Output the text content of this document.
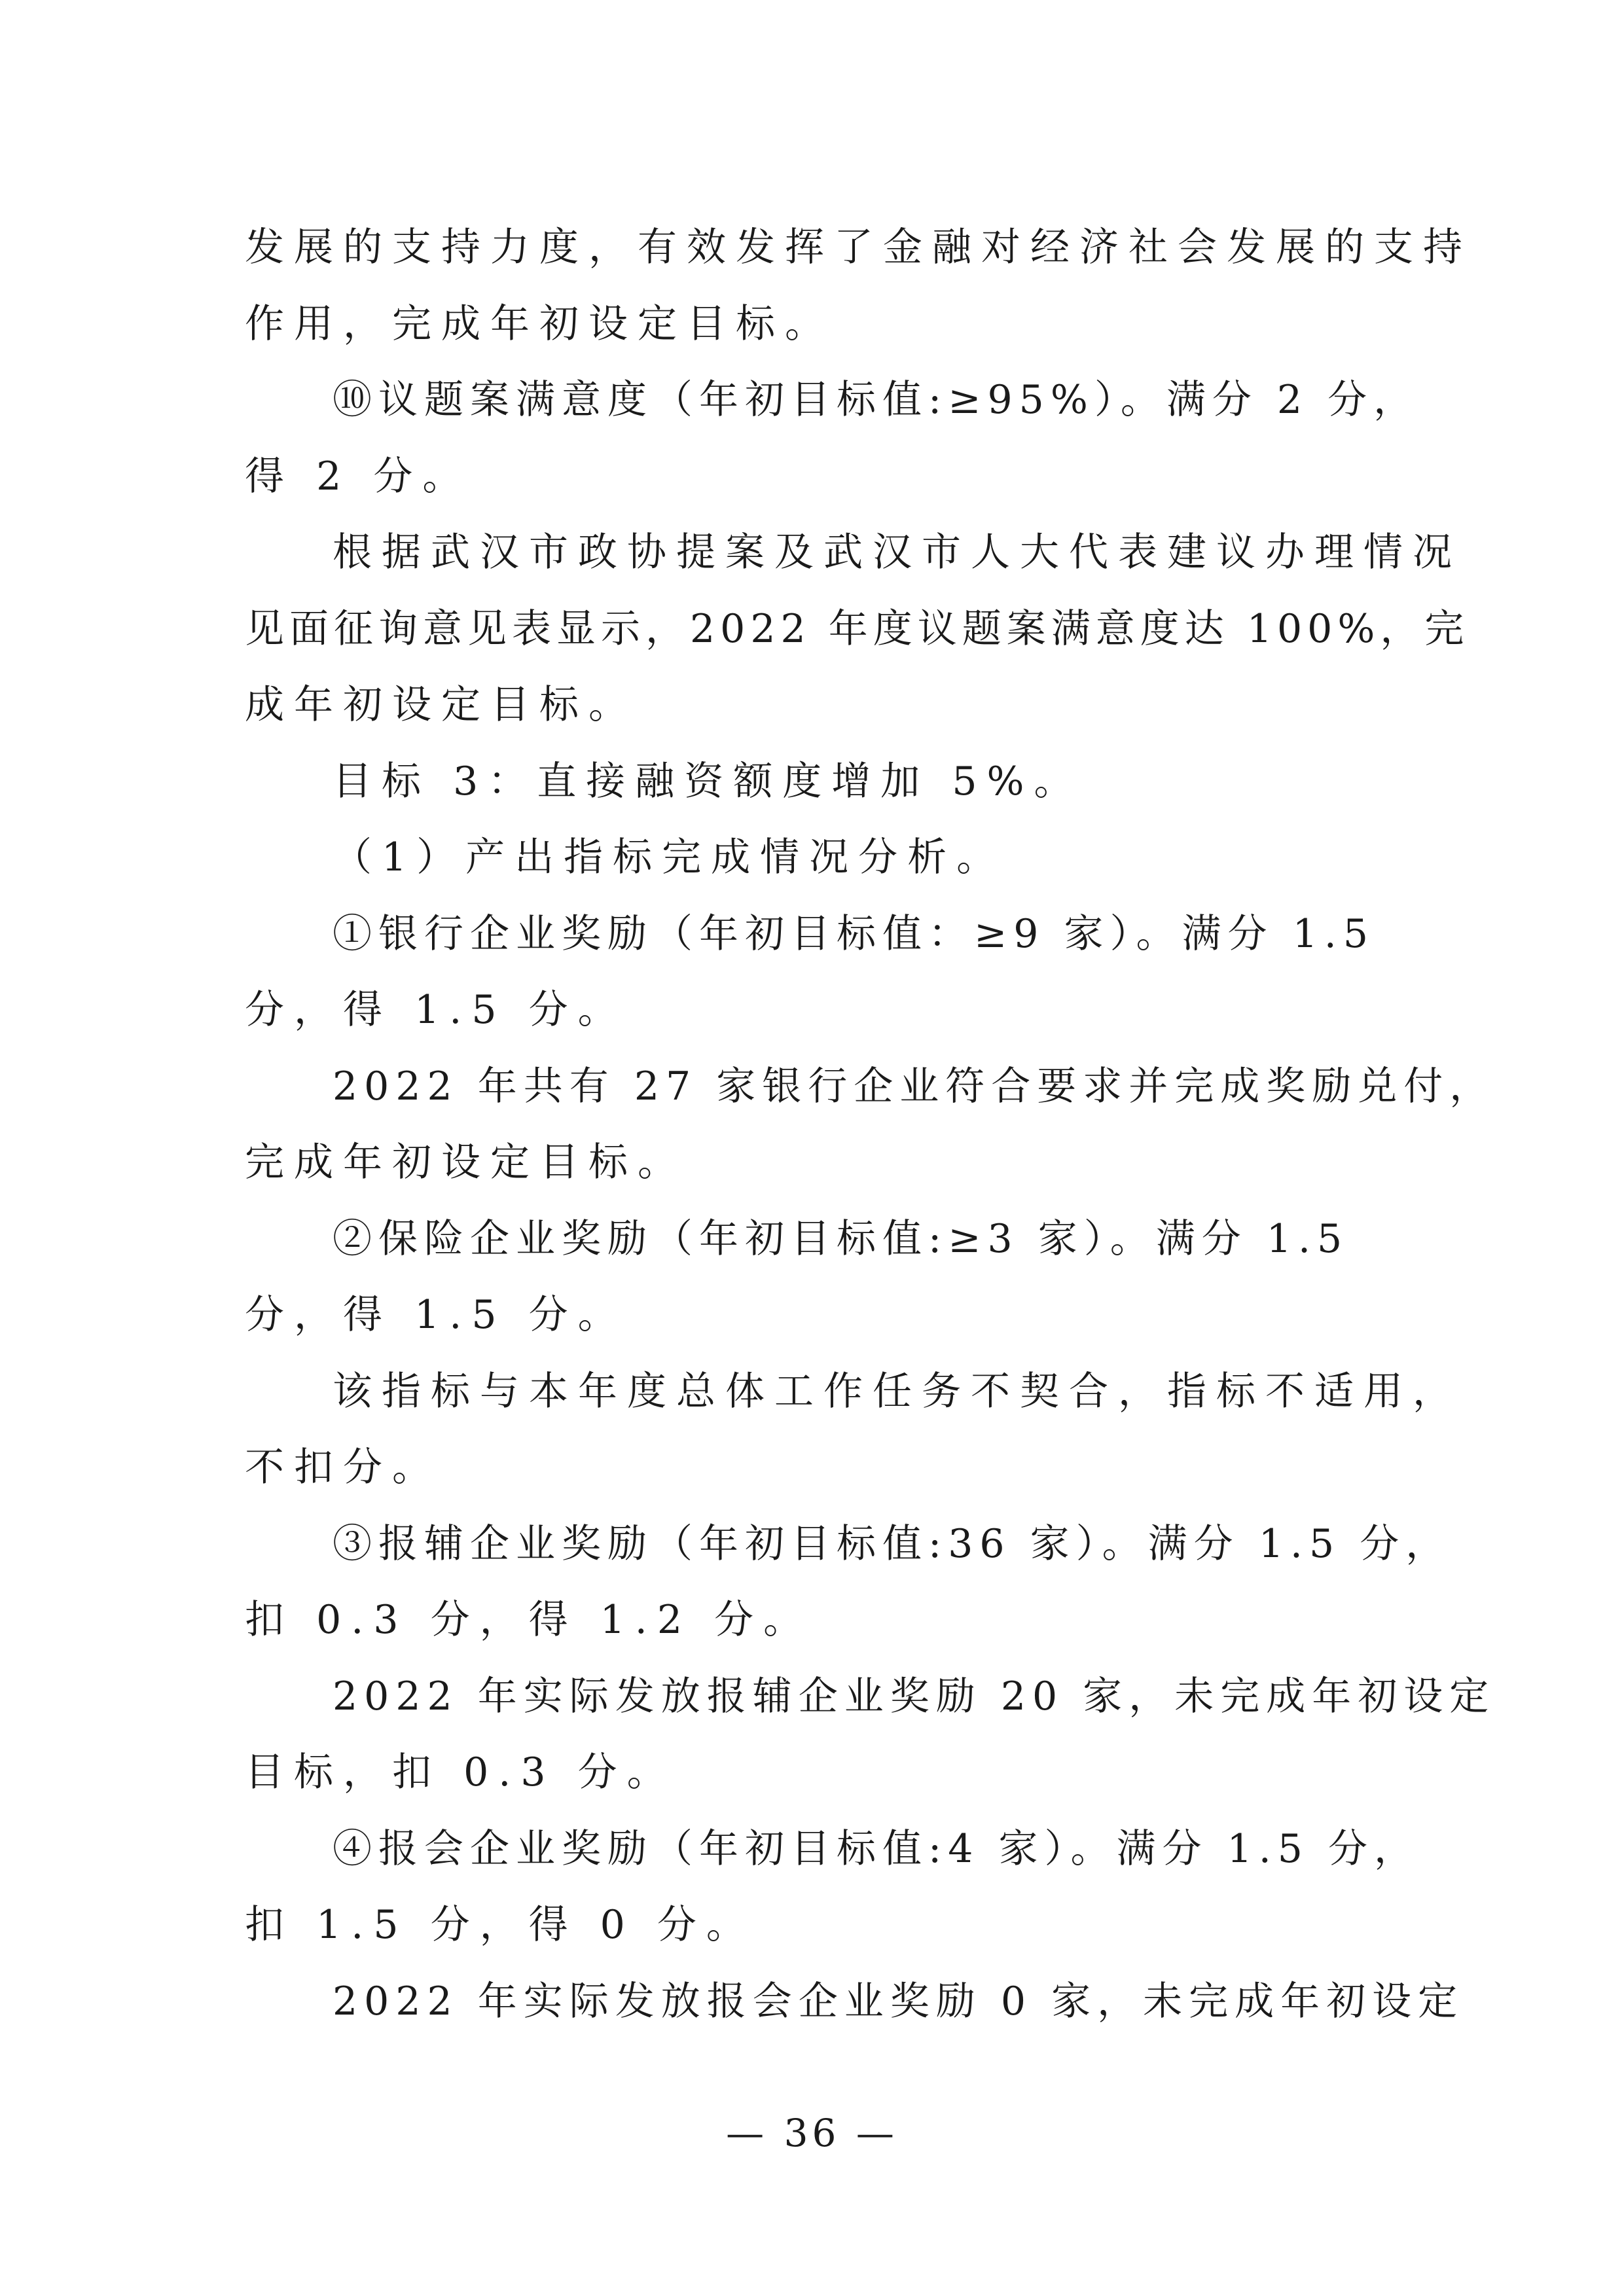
发展的支持力度，有效发挥了金融对经济社会发展的支持
作用，完成年初设定目标。
⑩议题案满意度（年初目标值:≥95%）。满分 2 分，
得 2 分。
根据武汉市政协提案及武汉市人大代表建议办理情况
见面征询意见表显示，2022 年度议题案满意度达 100%，完
成年初设定目标。
目标 3：直接融资额度增加 5%。
（1）产出指标完成情况分析。
①银行企业奖励（年初目标值：≥9 家）。满分 1.5
分，得 1.5 分。
2022 年共有 27 家银行企业符合要求并完成奖励兑付，
完成年初设定目标。
②保险企业奖励（年初目标值:≥3 家）。满分 1.5
分，得 1.5 分。
该指标与本年度总体工作任务不契合，指标不适用，
不扣分。
③报辅企业奖励（年初目标值:36 家）。满分 1.5 分，
扣 0.3 分，得 1.2 分。
2022 年实际发放报辅企业奖励 20 家，未完成年初设定
目标，扣 0.3 分。
④报会企业奖励（年初目标值:4 家）。满分 1.5 分，
扣 1.5 分，得 0 分。
2022 年实际发放报会企业奖励 0 家，未完成年初设定
— 36 —
